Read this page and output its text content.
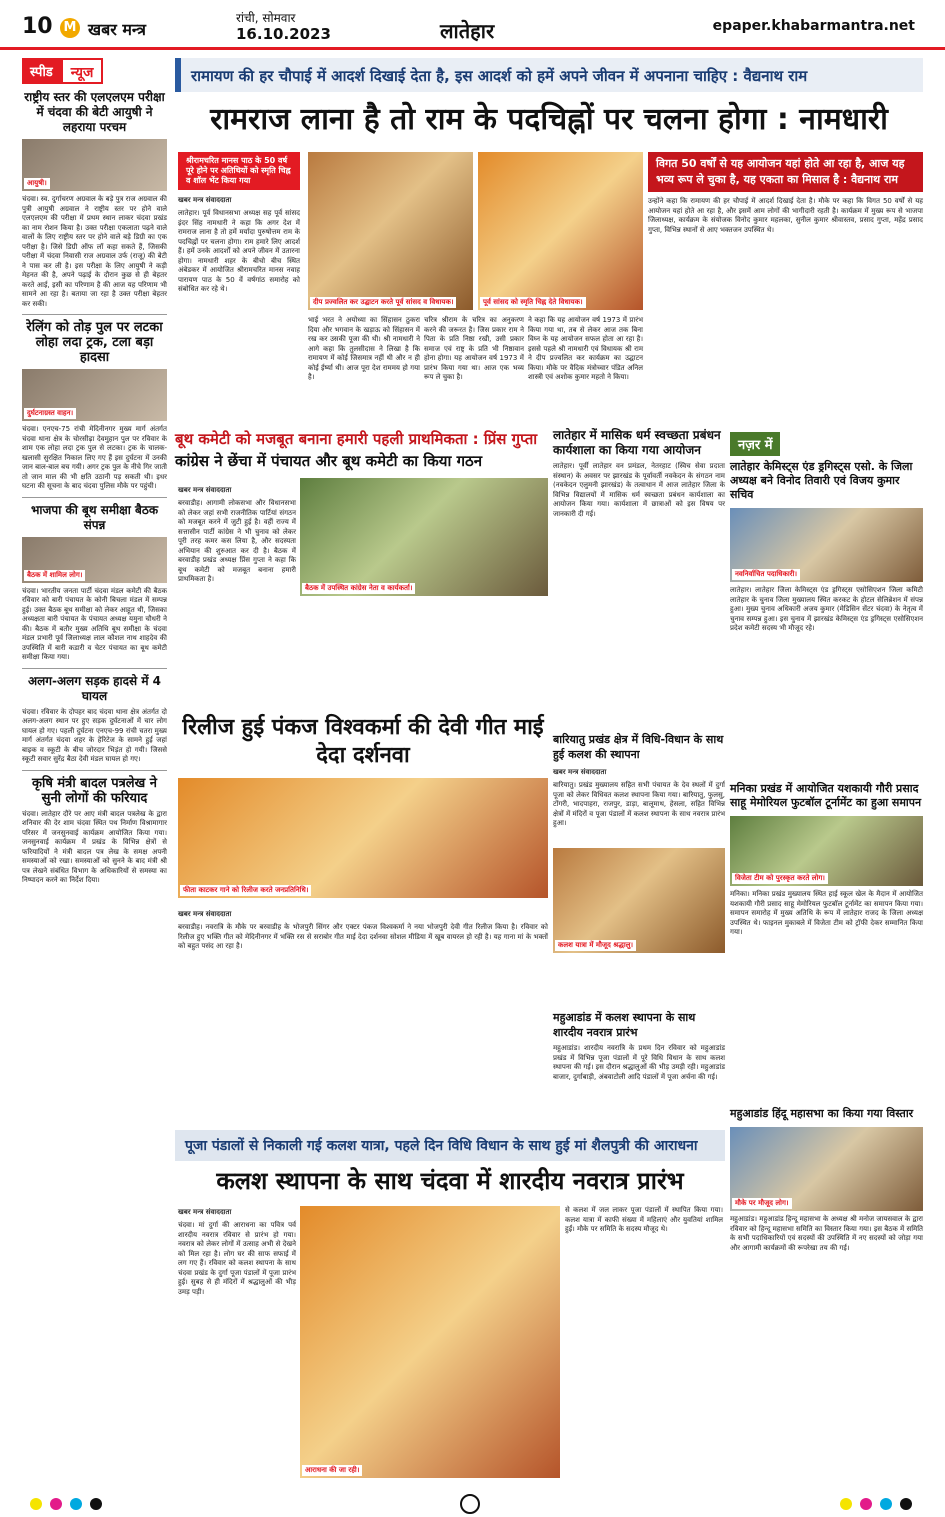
10 M खबर मन्त्र
रांची, सोमवार
16.10.2023	लातेहार	epaper.khabarmantra.net
स्पीड	न्यूज
राष्ट्रीय स्तर की एलएलएम परीक्षा में चंदवा की बेटी आयुषी ने लहराया परचम
आयुषी।
चंदवा। स्व. दुर्गाचरण अग्रवाल के बड़े पुत्र राज अग्रवाल की पुत्री आयुषी अग्रवाल ने राष्ट्रीय स्तर पर होने वाले एलएलएम की परीक्षा में प्रथम स्थान लाकर चंदवा प्रखंड का नाम रोशन किया है। उक्त परीक्षा एकलाता पढ़ने वाले वालों के लिए राष्ट्रीय स्तर पर होने वाले बड़े डिग्री का एक परीक्षा है। जिसे डिग्री ऑफ लॉ कहा सकते हैं, जिसकी परीक्षा में चंदवा निवासी राज अग्रवाल उर्फ (राजू) की बेटी ने पास कर ली है। इस परीक्षा के लिए आयुषी ने कड़ी मेहनत की है, अपने पढ़ाई के दौरान कुछ से ही बेहतर करते आई, इसी का परिणाम है की आज यह परिणाम भी सामने आ रहा है। बताया जा रहा है उक्त परीक्षा बेहतर कर सकी।
रेलिंग को तोड़ पुल पर लटका लोहा लदा ट्रक, टला बड़ा हादसा
दुर्घटनाग्रस्त वाहन।
चंदवा। एनएच-75 रांची मेदिनीनगर मुख्य मार्ग अंतर्गत चंदवा थाना क्षेत्र के चोरसीढ़ा देवमुहान पुल पर रविवार के शाम एक लोहा लदा ट्रक पुल से लटका। ट्रक के चालक-खलासी सुरक्षित निकाल लिए गए हैं इस दुर्घटना में उनकी जान बाल-बाल बच गयी। अगर ट्रक पुल के नीचे गिर जाती तो जान माल की भी क्षति उठानी पड़ सकती थी। इधर घटना की सूचना के बाद चंदवा पुलिस मौके पर पहुंची।
भाजपा की बूथ समीक्षा बैठक संपन्न
बैठक में शामिल लोग।
चंदवा। भारतीय जनता पार्टी चंदवा मंडल कमेटी की बैठक रविवार को बारी पंचायत के कोनी बिचला मंडल में सम्पन्न हुई। उक्त बैठक बूथ समीक्षा को लेकर आहूत थी, जिसका अध्यक्षता बारी पंचायत के पंचायत अध्यक्ष यमुना चौधरी ने की। बैठक में बतौर मुख्य अतिथि बूथ समीक्षा के चंदवा मंडल प्रभारी पूर्व जिलाध्यक्ष लाल कौशल नाथ शाहदेव की उपस्थिति में बारी कडारी व चेटर पंचायत का बूथ कमेटी समीक्षा किया गया।
अलग-अलग सड़क हादसे में 4 घायल
चंदवा। रविवार के दोपहर बाद चंदवा थाना क्षेत्र अंतर्गत दो अलग-अलग स्थान पर हुए सड़क दुर्घटनाओं में चार लोग घायल हो गए। पहली दुर्घटना एनएच-99 रांची चतरा मुख्य मार्ग अंतर्गत चंदवा शहर के हेरिटेज के सामने हुई जहां बाइक व स्कूटी के बीच जोरदार भिड़ंत हो गयी। जिससे स्कूटी सवार सुरेंद्र बैठा देवी मंडल घायल हो गए।
कृषि मंत्री बादल पत्रलेख ने सुनी लोगों की फरियाद
चंदवा। लातेहार दौरे पर आए मंत्री बादल पत्रलेख के द्वारा शनिवार की देर शाम चंदवा स्थित पथ निर्माण विश्रामागार परिसर में जनसुनवाई कार्यक्रम आयोजित किया गया। जनसुनवाई कार्यक्रम में प्रखंड के विभिन्न क्षेत्रों से फरियादियों ने मंत्री बादल पत्र लेख के समक्ष अपनी समस्याओं को रखा। समस्याओं को सुनने के बाद मंत्री श्री पत्र लेखने संबंधित विभाग के अधिकारियों से समस्या का निष्पादन करने का निर्देश दिया।
रामायण की हर चौपाई में आदर्श दिखाई देता है, इस आदर्श को हमें अपने जीवन में अपनाना चाहिए : वैद्यनाथ राम
रामराज लाना है तो राम के पदचिह्नों पर चलना होगा : नामधारी
श्रीरामचरित मानस पाठ के 50 वर्ष पूरे होने पर अतिथियों को स्मृति चिह्न व शॉल भेंट किया गया
खबर मन्त्र संवाददाता
लातेहार। पूर्व विधानसभा अध्यक्ष सह पूर्व सांसद इंदर सिंह नामधारी ने कहा कि अगर देश में रामराज लाना है तो हमें मर्यादा पुरुषोत्तम राम के पदचिह्नों पर चलना होगा। राम हमारे लिए आदर्श हैं। हमें उनके आदर्शों को अपने जीवन में उतारना होगा। नामधारी शहर के बीचो बीच स्थित अंबेडकर में आयोजित श्रीरामचरित मानस नवाह पारायण पाठ के 50 वें वर्षगांठ समारोह को संबोधित कर रहे थे।
दीप प्रज्वलित कर उद्घाटन करते पूर्व सांसद व विधायक।	पूर्व सांसद को स्मृति चिह्न देते विधायक।
विगत 50 वर्षों से यह आयोजन यहां होते आ रहा है, आज यह भव्य रूप ले चुका है, यह एकता का मिसाल है : वैद्यनाथ राम
उन्होंने कहा कि रामायण की हर चौपाई में आदर्श दिखाई देता है। मौके पर कहा कि विगत 50 वर्षों से यह आयोजन यहां होते आ रहा है, और इसमें आम लोगों की भागीदारी रहती है। कार्यक्रम में मुख्य रूप से भाजपा जिलाध्यक्ष, कार्यक्रम के संयोजक विनोद कुमार महलका, सुनील कुमार श्रीवास्तव, प्रसाद गुप्ता, महेंद्र प्रसाद गुप्ता, विभिन्न स्थानों से आए भक्तजन उपस्थित थे।
भाई भरत ने अयोध्या का सिंहासन ठुकरा दिया और भगवान के खड़ाऊ को सिंहासन में रख कर उसकी पूजा की थी। श्री नामधारी ने आगे कहा कि तुलसीदास ने लिखा है कि रामायण में कोई जिसमात्र नहीं थी और न ही कोई ईर्ष्या थी। आज पूरा देश राममय हो गया है।
चरित्र श्रीराम के चरित्र का अनुकरण करने की जरूरत है। जिस प्रकार राम ने पिता के प्रति निष्ठा रखी, उसी प्रकार समाज एवं राष्ट्र के प्रति भी निष्ठावान होना होगा। यह आयोजन वर्ष 1973 में प्रारंभ किया गया था। आज एक भव्य रूप ले चुका है।
ने कहा कि यह आयोजन वर्ष 1973 में प्रारंभ किया गया था, तब से लेकर आज तक बिना विघ्न के यह आयोजन सफल होता आ रहा है। इससे पहले श्री नामधारी एवं विधायक श्री राम ने दीप प्रज्वलित कर कार्यक्रम का उद्घाटन किया। मौके पर वैदिक मंत्रोच्चार पंडित अनिल शास्त्री एवं अशोक कुमार महतो ने किया।
बूथ कमेटी को मजबूत बनाना हमारी पहली प्राथमिकता : प्रिंस गुप्ता
कांग्रेस ने छेंचा में पंचायत और बूथ कमेटी का किया गठन
खबर मन्त्र संवाददाता
बरवाडीह। आगामी लोकसभा और विधानसभा को लेकर जहां सभी राजनीतिक पार्टियां संगठन को मजबूत करने में जुटी हुई है। वहीं राज्य में सत्तासीन पार्टी कांग्रेस ने भी चुनाव को लेकर पूरी तरह कमर कस लिया है, और सदस्यता अभियान की शुरुआत कर दी है। बैठक में बरवाडीह प्रखंड अध्यक्ष प्रिंस गुप्ता ने कहा कि बूथ कमेटी को मजबूत बनाना हमारी प्राथमिकता है।
बैठक में उपस्थित कांग्रेस नेता व कार्यकर्ता।
लातेहार में मासिक धर्म स्वच्छता प्रबंधन कार्यशाला का किया गया आयोजन
लातेहार। पूर्वी लातेहार वन प्रमंडल, नेतरहाट (स्विच सेवा प्रदाता संस्थान) के अवसर पर झारखंड के पूर्वावर्ती नवकेदन के संगठन नाम (नवकेदन एलुमनी झारखंड) के तत्वाधान में आज लातेहार जिला के विभिन्न विद्यालयों में मासिक धर्म स्वच्छता प्रबंधन कार्यशाला का आयोजन किया गया। कार्यशाला में छात्राओं को इस विषय पर जानकारी दी गई।
नज़र में
लातेहार केमिस्ट्स एंड ड्रगिस्ट्स एसो. के जिला अध्यक्ष बने विनोद तिवारी एवं विजय कुमार सचिव
नवनिर्वाचित पदाधिकारी।
लातेहार। लातेहार जिला केमिस्ट्स एंड ड्रगिस्ट्स एसोसिएशन जिला कमिटी लातेहार के चुनाव जिला मुख्यालय स्थित करकट के होटल सेलिब्रेशन में संपन्न हुआ। मुख्य चुनाव अधिकारी अजय कुमार (मेडिसिन सेंटर चंदवा) के नेतृत्व में चुनाव सम्पन्न हुआ। इस चुनाव में झारखंड केमिस्ट्स एंड ड्रगिस्ट्स एसोसिएशन प्रदेश कमेटी सदस्य भी मौजूद रहे।
रिलीज हुई पंकज विश्वकर्मा की देवी गीत माई देदा दर्शनवा
फीता काटकर गाने को रिलीज करते जनप्रतिनिधि।
खबर मन्त्र संवाददाता
बरवाडीह। नवरात्रि के मौके पर बरवाडीह के भोजपुरी सिंगर और एक्टर पंकज विश्वकर्मा ने नया भोजपुरी देवी गीत रिलीज किया है। रविवार को रिलीज हुए भक्ति गीत को मेदिनीनगर में भक्ति रस से सराबोर गीत माई देदा दर्शनवा सोशल मीडिया में खूब वायरल हो रही है। यह गाना मां के भक्तों को बहुत पसंद आ रहा है।
बारियातु प्रखंड क्षेत्र में विधि-विधान के साथ हुई कलश की स्थापना
खबर मन्त्र संवाददाता
बारियातु। प्रखंड मुख्यालय सहित सभी पंचायत के देव स्थलों में दुर्गा पूजा को लेकर विधिवत कलश स्थापना किया गया। बारियातु, फुलसु, टोंगरी, भादपाहरा, राजपुर, डाड़ा, बालूमाथ, हेसला, सहित विभिन्न क्षेत्रों में मंदिरों व पूजा पंडालों में कलश स्थापना के साथ नवरात्र प्रारंभ हुआ।
कलश यात्रा में मौजूद श्रद्धालु।
मनिका प्रखंड में आयोजित यशकायी गौरी प्रसाद साहू मेमोरियल फुटबॉल टूर्नामेंट का हुआ समापन
विजेता टीम को पुरस्कृत करते लोग।
मनिका। मनिका प्रखंड मुख्यालय स्थित हाई स्कूल खेल के मैदान में आयोजित यशकायी गौरी प्रसाद साहू मेमोरियल फुटबॉल टूर्नामेंट का समापन किया गया। समापन समारोह में मुख्य अतिथि के रूप में लातेहार राजद के जिला अध्यक्ष उपस्थित थे। फाइनल मुकाबले में विजेता टीम को ट्रॉफी देकर सम्मानित किया गया।
महुआडांड में कलश स्थापना के साथ शारदीय नवरात्र प्रारंभ
महुआडांड। शारदीय नवरात्रि के प्रथम दिन रविवार को महुआडांड प्रखंड में विभिन्न पूजा पंडालों में पूरे विधि विधान के साथ कलश स्थापना की गई। इस दौरान श्रद्धालुओं की भीड़ उमड़ी रही। महुआडांड बाजार, दुर्गाबाड़ी, अंबवाटोली आदि पंडालों में पूजा अर्चना की गई।
महुआडांड हिंदू महासभा का किया गया विस्तार
मौके पर मौजूद लोग।
महुआडांड। महुआडांड हिन्दू महासभा के अध्यक्ष श्री मनोज जायसवाल के द्वारा रविवार को हिन्दू महासभा समिति का विस्तार किया गया। इस बैठक में समिति के सभी पदाधिकारियों एवं सदस्यों की उपस्थिति में नए सदस्यों को जोड़ा गया और आगामी कार्यक्रमों की रूपरेखा तय की गई।
पूजा पंडालों से निकाली गई कलश यात्रा, पहले दिन विधि विधान के साथ हुई मां शैलपुत्री की आराधना
कलश स्थापना के साथ चंदवा में शारदीय नवरात्र प्रारंभ
खबर मन्त्र संवाददाता
चंदवा। मां दुर्गा की आराधना का पवित्र पर्व शारदीय नवरात्र रविवार से प्रारंभ हो गया। नवरात्र को लेकर लोगों में उत्साह अभी से देखने को मिल रहा है। लोग घर की साफ सफाई में लग गए हैं। रविवार को कलश स्थापना के साथ चंदवा प्रखंड के दुर्गा पूजा पंडालों में पूजा प्रारंभ हुई। सुबह से ही मंदिरों में श्रद्धालुओं की भीड़ उमड़ पड़ी।
आराधना की जा रही।
से कलश में जल लाकर पूजा पंडालों में स्थापित किया गया। कलश यात्रा में काफी संख्या में महिलाएं और युवतियां शामिल हुईं। मौके पर समिति के सदस्य मौजूद थे।
